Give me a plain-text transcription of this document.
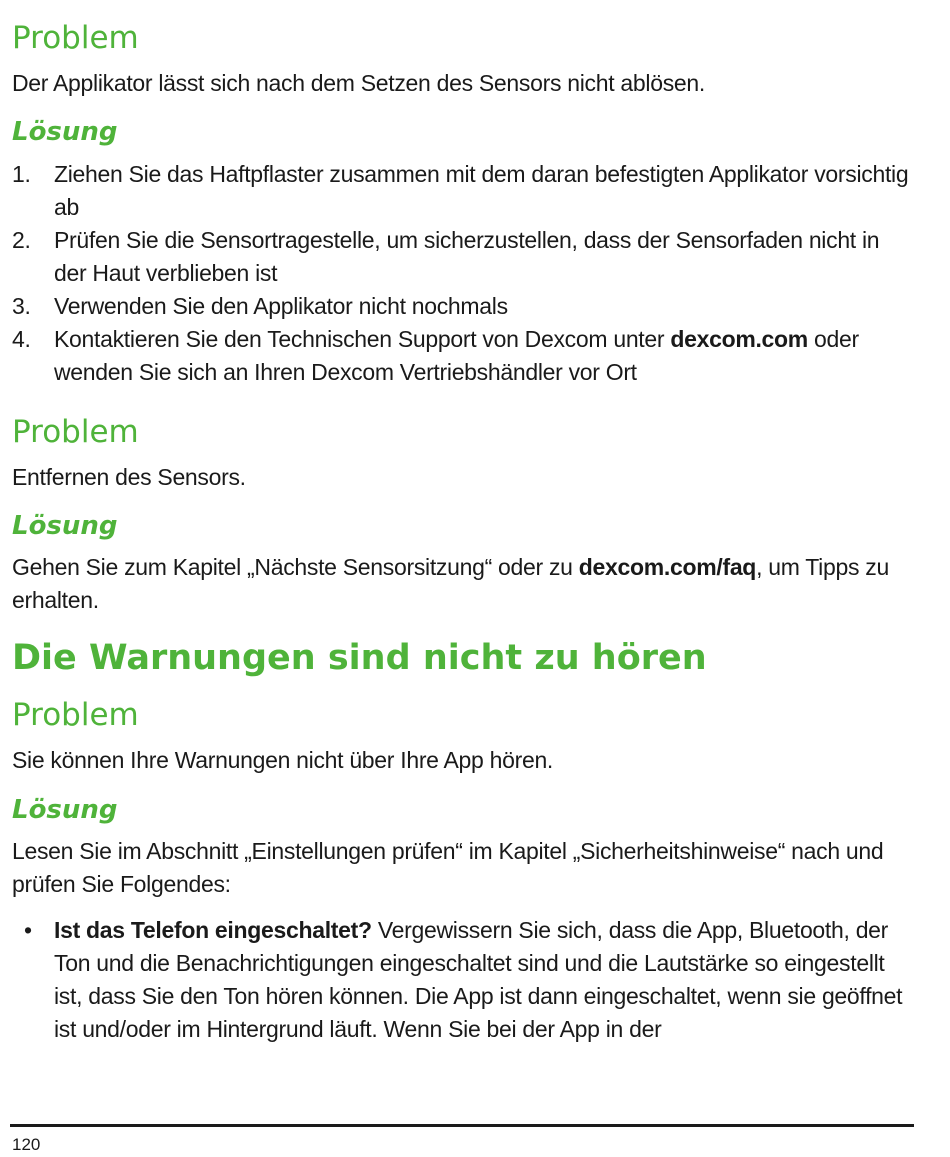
Problem

Der Applikator lässt sich nach dem Setzen des Sensors nicht ablösen.

Lösung
1. Ziehen Sie das Haftpflaster zusammen mit dem daran befestigten Applikator vorsichtig ab
2. Prüfen Sie die Sensortragestelle, um sicherzustellen, dass der Sensorfaden nicht in der Haut verblieben ist
3. Verwenden Sie den Applikator nicht nochmals
4. Kontaktieren Sie den Technischen Support von Dexcom unter dexcom.com oder wenden Sie sich an Ihren Dexcom Vertriebshändler vor Ort
Problem

Entfernen des Sensors.

Lösung

Gehen Sie zum Kapitel „Nächste Sensorsitzung“ oder zu dexcom.com/faq, um Tipps zu erhalten.

Die Warnungen sind nicht zu hören
Problem

Sie können Ihre Warnungen nicht über Ihre App hören.

Lösung

Lesen Sie im Abschnitt „Einstellungen prüfen“ im Kapitel „Sicherheitshinweise“ nach und prüfen Sie Folgendes:

• Ist das Telefon eingeschaltet? Vergewissern Sie sich, dass die App, Bluetooth, der Ton und die Benachrichtigungen eingeschaltet sind und die Lautstärke so eingestellt ist, dass Sie den Ton hören können. Die App ist dann eingeschaltet, wenn sie geöffnet ist und/oder im Hintergrund läuft. Wenn Sie bei der App in der
120
